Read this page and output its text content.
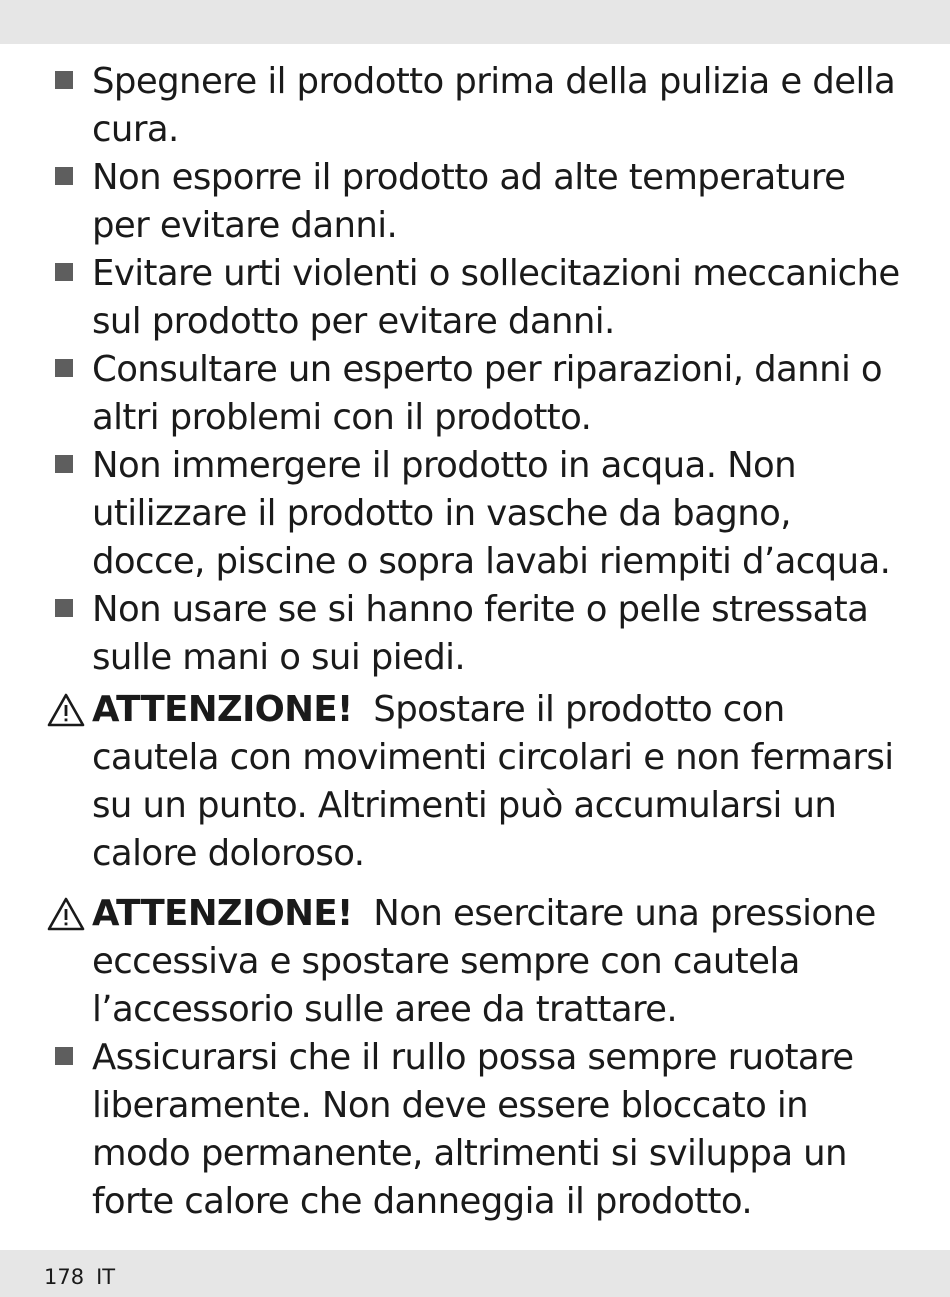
Spegnere il prodotto prima della pulizia e della cura.
Non esporre il prodotto ad alte temperature per evitare danni.
Evitare urti violenti o sollecitazioni meccaniche sul prodotto per evitare danni.
Consultare un esperto per riparazioni, danni o altri problemi con il prodotto.
Non immergere il prodotto in acqua. Non utilizzare il prodotto in vasche da bagno, docce, piscine o sopra lavabi riempiti d’acqua.
Non usare se si hanno ferite o pelle stressata sulle mani o sui piedi.
ATTENZIONE! Spostare il prodotto con cautela con movimenti circolari e non fermarsi su un punto. Altrimenti può accumularsi un calore doloroso.
ATTENZIONE! Non esercitare una pressione eccessiva e spostare sempre con cautela l’accessorio sulle aree da trattare.
Assicurarsi che il rullo possa sempre ruotare liberamente. Non deve essere bloccato in modo permanente, altrimenti si sviluppa un forte calore che danneggia il prodotto.
178 IT
